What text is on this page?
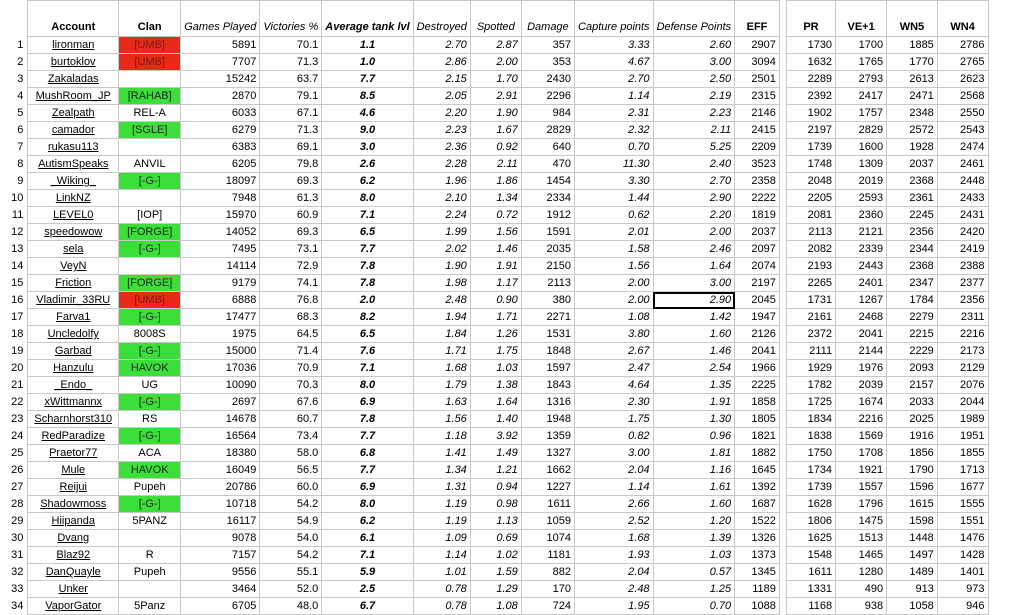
	Account	Clan	Games Played	Victories %	Average tank lvl	Destroyed	Spotted	Damage	Capture points	Defense Points	EFF		PR	VE+1	WN5	WN4
1	lironman	[UMB]	5891	70.1	1.1	2.70	2.87	357	3.33	2.60	2907		1730	1700	1885	2786
2	burtoklov	[UMB]	7707	71.3	1.0	2.86	2.00	353	4.67	3.00	3094		1632	1765	1770	2765
3	Zakaladas		15242	63.7	7.7	2.15	1.70	2430	2.70	2.50	2501		2289	2793	2613	2623
4	MushRoom_JP	[RAHAB]	2870	79.1	8.5	2.05	2.91	2296	1.14	2.19	2315		2392	2417	2471	2568
5	Zealpath	REL-A	6033	67.1	4.6	2.20	1.90	984	2.31	2.23	2146		1902	1757	2348	2550
6	camador	[SGLE]	6279	71.3	9.0	2.23	1.67	2829	2.32	2.11	2415		2197	2829	2572	2543
7	rukasu113		6383	69.1	3.0	2.36	0.92	640	0.70	5.25	2209		1739	1600	1928	2474
8	AutismSpeaks	ANVIL	6205	79.8	2.6	2.28	2.11	470	11.30	2.40	3523		1748	1309	2037	2461
9	_Wiking_	[-G-]	18097	69.3	6.2	1.96	1.86	1454	3.30	2.70	2358		2048	2019	2368	2448
10	LinkNZ		7948	61.3	8.0	2.10	1.34	2334	1.44	2.90	2222		2205	2593	2361	2433
11	LEVEL0	[IOP]	15970	60.9	7.1	2.24	0.72	1912	0.62	2.20	1819		2081	2360	2245	2431
12	speedowow	[FORGE]	14052	69.3	6.5	1.99	1.56	1591	2.01	2.00	2037		2113	2121	2356	2420
13	sela	[-G-]	7495	73.1	7.7	2.02	1.46	2035	1.58	2.46	2097		2082	2339	2344	2419
14	VeyN		14114	72.9	7.8	1.90	1.91	2150	1.56	1.64	2074		2193	2443	2368	2388
15	Friction	[FORGE]	9179	74.1	7.8	1.98	1.17	2113	2.00	3.00	2197		2265	2401	2347	2377
16	Vladimir_33RU	[UMB]	6888	76.8	2.0	2.48	0.90	380	2.00	2.90	2045		1731	1267	1784	2356
17	Farva1	[-G-]	17477	68.3	8.2	1.94	1.71	2271	1.08	1.42	1947		2161	2468	2279	2311
18	Uncledolfy	8008S	1975	64.5	6.5	1.84	1.26	1531	3.80	1.60	2126		2372	2041	2215	2216
19	Garbad	[-G-]	15000	71.4	7.6	1.71	1.75	1848	2.67	1.46	2041		2111	2144	2229	2173
20	Hanzulu	HAVOK	17036	70.9	7.1	1.68	1.03	1597	2.47	2.54	1966		1929	1976	2093	2129
21	_Endo_	UG	10090	70.3	8.0	1.79	1.38	1843	4.64	1.35	2225		1782	2039	2157	2076
22	xWittmannx	[-G-]	2697	67.6	6.9	1.63	1.64	1316	2.30	1.91	1858		1725	1674	2033	2044
23	Scharnhorst310	RS	14678	60.7	7.8	1.56	1.40	1948	1.75	1.30	1805		1834	2216	2025	1989
24	RedParadize	[-G-]	16564	73.4	7.7	1.18	3.92	1359	0.82	0.96	1821		1838	1569	1916	1951
25	Praetor77	ACA	18380	58.0	6.8	1.41	1.49	1327	3.00	1.81	1882		1750	1708	1856	1855
26	Mule	HAVOK	16049	56.5	7.7	1.34	1.21	1662	2.04	1.16	1645		1734	1921	1790	1713
27	Reijui	Pupeh	20786	60.0	6.9	1.31	0.94	1227	1.14	1.61	1392		1739	1557	1596	1677
28	Shadowmoss	[-G-]	10718	54.2	8.0	1.19	0.98	1611	2.66	1.60	1687		1628	1796	1615	1555
29	Hiipanda	5PANZ	16117	54.9	6.2	1.19	1.13	1059	2.52	1.20	1522		1806	1475	1598	1551
30	Dvang		9078	54.0	6.1	1.09	0.69	1074	1.68	1.39	1326		1625	1513	1448	1476
31	Blaz92	R	7157	54.2	7.1	1.14	1.02	1181	1.93	1.03	1373		1548	1465	1497	1428
32	DanQuayle	Pupeh	9556	55.1	5.9	1.01	1.59	882	2.04	0.57	1345		1611	1280	1489	1401
33	Unker		3464	52.0	2.5	0.78	1.29	170	2.48	1.25	1189		1331	490	913	973
34	VaporGator	5Panz	6705	48.0	6.7	0.78	1.08	724	1.95	0.70	1088		1168	938	1058	946
